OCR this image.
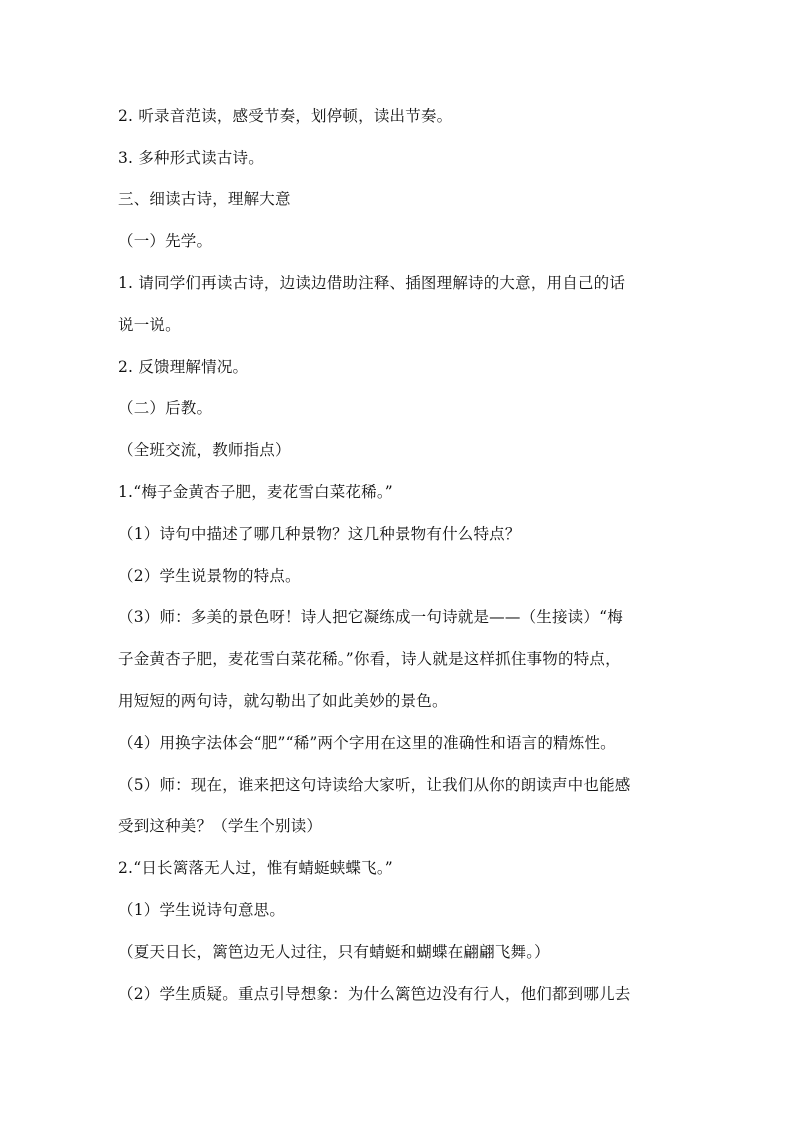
2. 听录音范读，感受节奏，划停顿，读出节奏。
3. 多种形式读古诗。
三、细读古诗，理解大意
（一）先学。
1. 请同学们再读古诗，边读边借助注释、插图理解诗的大意，用自己的话
说一说。
2. 反馈理解情况。
（二）后教。
（全班交流，教师指点）
1.“梅子金黄杏子肥，麦花雪白菜花稀。”
（1）诗句中描述了哪几种景物？这几种景物有什么特点？
（2）学生说景物的特点。
（3）师：多美的景色呀！诗人把它凝练成一句诗就是——（生接读）“梅
子金黄杏子肥，麦花雪白菜花稀。”你看，诗人就是这样抓住事物的特点，
用短短的两句诗，就勾勒出了如此美妙的景色。
（4）用换字法体会“肥”“稀”两个字用在这里的准确性和语言的精炼性。
（5）师：现在，谁来把这句诗读给大家听，让我们从你的朗读声中也能感
受到这种美？（学生个别读）
2.“日长篱落无人过，惟有蜻蜓蛱蝶飞。”
（1）学生说诗句意思。
（夏天日长，篱笆边无人过往，只有蜻蜓和蝴蝶在翩翩飞舞。）
（2）学生质疑。重点引导想象：为什么篱笆边没有行人，他们都到哪儿去
